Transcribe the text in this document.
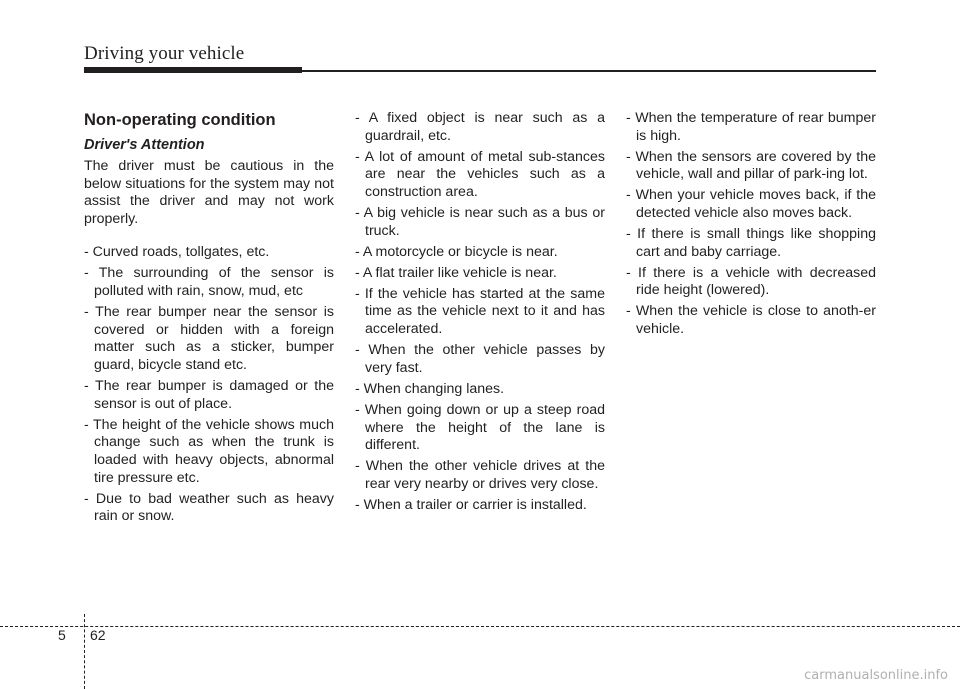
Driving your vehicle
Non-operating condition
Driver's Attention
The driver must be cautious in the below situations for the system may not assist the driver and may not work properly.
- Curved roads, tollgates, etc.
- The surrounding of the sensor is polluted with rain, snow, mud, etc
- The rear bumper near the sensor is covered or hidden with a foreign matter such as a sticker, bumper guard, bicycle stand etc.
- The rear bumper is damaged or the sensor is out of place.
- The height of the vehicle shows much change such as when the trunk is loaded with heavy objects, abnormal tire pressure etc.
- Due to bad weather such as heavy rain or snow.
- A fixed object is near such as a guardrail, etc.
- A lot of amount of metal sub-stances are near the vehicles such as a construction area.
- A big vehicle is near such as a bus or truck.
- A motorcycle or bicycle is near.
- A flat trailer like vehicle is near.
- If the vehicle has started at the same time as the vehicle next to it and has accelerated.
- When the other vehicle passes by very fast.
- When changing lanes.
- When going down or up a steep road where the height of the lane is different.
- When the other vehicle drives at the rear very nearby or drives very close.
- When a trailer or carrier is installed.
- When the temperature of rear bumper is high.
- When the sensors are covered by the vehicle, wall and pillar of park-ing lot.
- When your vehicle moves back, if the detected vehicle also moves back.
- If there is small things like shopping cart and baby carriage.
- If there is a vehicle with decreased ride height (lowered).
- When the vehicle is close to anoth-er vehicle.
5 62
carmanualsonline.info
